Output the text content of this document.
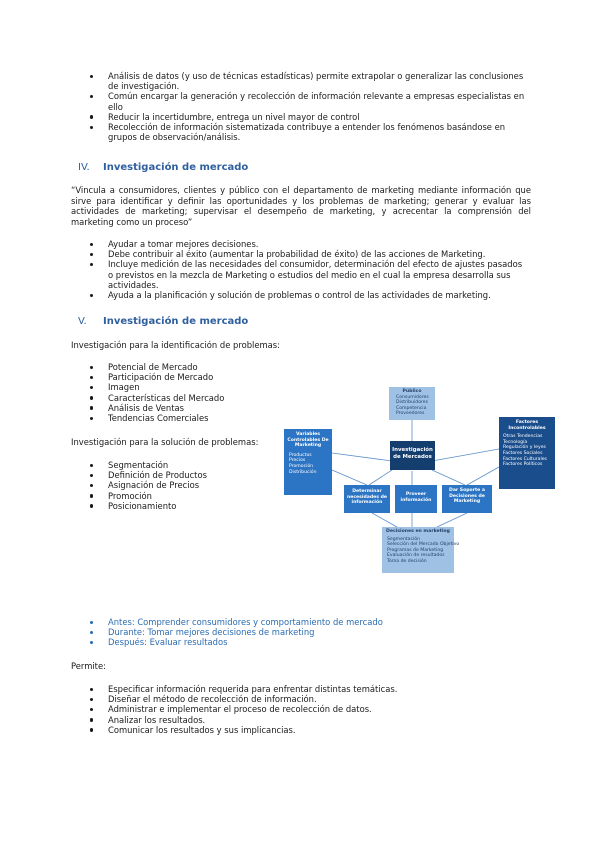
Análisis de datos (y uso de técnicas estadísticas) permite extrapolar o generalizar las conclusiones de investigación.
Común encargar la generación y recolección de información relevante a empresas especialistas en ello
Reducir la incertidumbre, entrega un nivel mayor de control
Recolección de información sistematizada contribuye a entender los fenómenos basándose en grupos de observación/análisis.
IV. Investigación de mercado
“Vincula a consumidores, clientes y público con el departamento de marketing mediante información que sirve para identificar y definir las oportunidades y los problemas de marketing; generar y evaluar las actividades de marketing; supervisar el desempeño de marketing, y acrecentar la comprensión del marketing como un proceso”
Ayudar a tomar mejores decisiones.
Debe contribuir al éxito (aumentar la probabilidad de éxito) de las acciones de Marketing.
Incluye medición de las necesidades del consumidor, determinación del efecto de ajustes pasados o previstos en la mezcla de Marketing o estudios del medio en el cual la empresa desarrolla sus actividades.
Ayuda a la planificación y solución de problemas o control de las actividades de marketing.
V. Investigación de mercado
Investigación para la identificación de problemas:
Potencial de Mercado
Participación de Mercado
Imagen
Características del Mercado
Análisis de Ventas
Tendencias Comerciales
Investigación para la solución de problemas:
Segmentación
Definición de Productos
Asignación de Precios
Promoción
Posicionamiento
Público
Consumidores
Distribuidores
Competencia
Proveedores
Variables Controlables De Marketing
Productos
Precios
Promoción
Distribución
Investigación de Mercados
Factores Incontrolables
Otras Tendencias
Tecnología
Regulación y leyes
Factores Sociales
Factores Culturales
Factores Políticos
Determinar necesidades de información
Proveer información
Dar Soporte a Decisiones de Marketing
Decisiones en marketing
Segmentación
Selección del Mercado Objetivo
Programas de Marketing
Evaluación de resultados
Toma de decisión
Antes: Comprender consumidores y comportamiento de mercado
Durante: Tomar mejores decisiones de marketing
Después: Evaluar resultados
Permite:
Especificar información requerida para enfrentar distintas temáticas.
Diseñar el método de recolección de información.
Administrar e implementar el proceso de recolección de datos.
Analizar los resultados.
Comunicar los resultados y sus implicancias.
